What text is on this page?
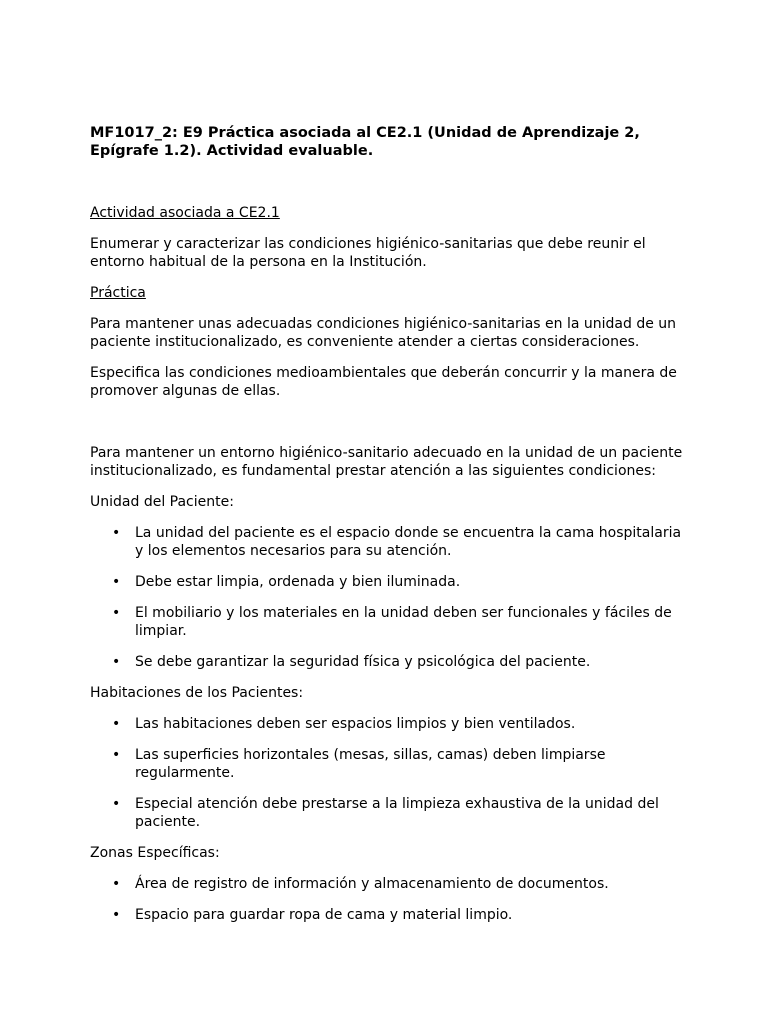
MF1017_2: E9 Práctica asociada al CE2.1 (Unidad de Aprendizaje 2, Epígrafe 1.2). Actividad evaluable.

Actividad asociada a CE2.1

Enumerar y caracterizar las condiciones higiénico-sanitarias que debe reunir el entorno habitual de la persona en la Institución.

Práctica

Para mantener unas adecuadas condiciones higiénico-sanitarias en la unidad de un paciente institucionalizado, es conveniente atender a ciertas consideraciones.

Especifica las condiciones medioambientales que deberán concurrir y la manera de promover algunas de ellas.

Para mantener un entorno higiénico-sanitario adecuado en la unidad de un paciente institucionalizado, es fundamental prestar atención a las siguientes condiciones:

Unidad del Paciente:

• La unidad del paciente es el espacio donde se encuentra la cama hospitalaria y los elementos necesarios para su atención.
• Debe estar limpia, ordenada y bien iluminada.
• El mobiliario y los materiales en la unidad deben ser funcionales y fáciles de limpiar.
• Se debe garantizar la seguridad física y psicológica del paciente.

Habitaciones de los Pacientes:

• Las habitaciones deben ser espacios limpios y bien ventilados.
• Las superficies horizontales (mesas, sillas, camas) deben limpiarse regularmente.
• Especial atención debe prestarse a la limpieza exhaustiva de la unidad del paciente.

Zonas Específicas:

• Área de registro de información y almacenamiento de documentos.
• Espacio para guardar ropa de cama y material limpio.
